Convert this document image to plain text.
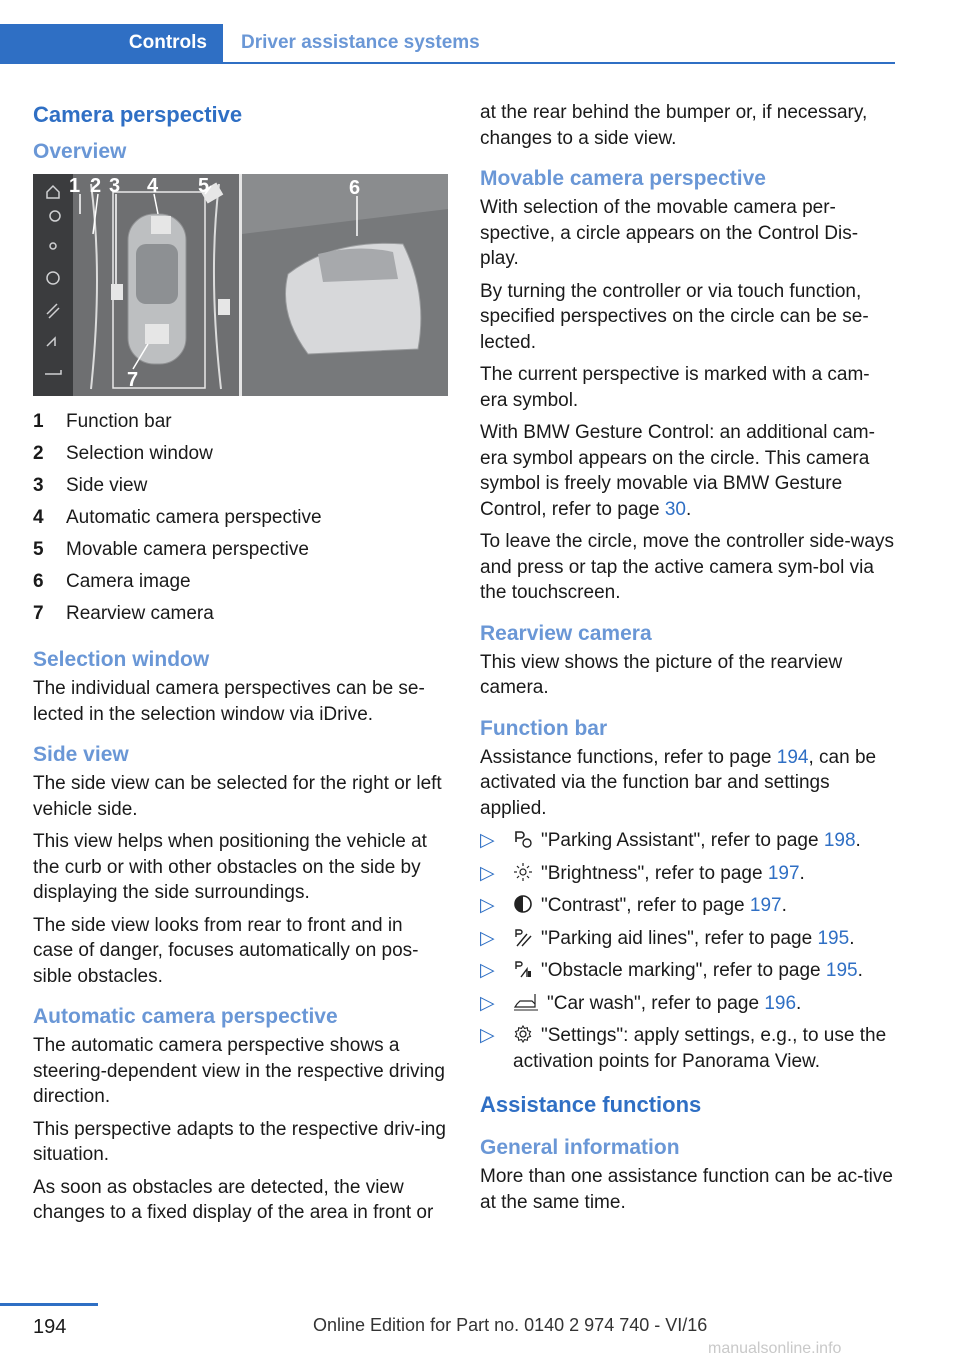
Controls	Driver assistance systems
Camera perspective
Overview
1 2 3 4 5	6
7
1	Function bar
2	Selection window
3	Side view
4	Automatic camera perspective
5	Movable camera perspective
6	Camera image
7	Rearview camera
Selection window

The individual camera perspectives can be se‐lected in the selection window via iDrive.

Side view

The side view can be selected for the right or left vehicle side.

This view helps when positioning the vehicle at the curb or with other obstacles on the side by displaying the side surroundings.

The side view looks from rear to front and in case of danger, focuses automatically on pos‐sible obstacles.

Automatic camera perspective

The automatic camera perspective shows a steering-dependent view in the respective driving direction.

This perspective adapts to the respective driv‐ing situation.

As soon as obstacles are detected, the view changes to a fixed display of the area in front or

at the rear behind the bumper or, if necessary, changes to a side view.

Movable camera perspective

With selection of the movable camera per‐spective, a circle appears on the Control Dis‐play.

By turning the controller or via touch function, specified perspectives on the circle can be se‐lected.

The current perspective is marked with a cam‐era symbol.

With BMW Gesture Control: an additional cam‐era symbol appears on the circle. This camera symbol is freely movable via BMW Gesture Control, refer to page 30.

To leave the circle, move the controller side‐ways and press or tap the active camera sym‐bol via the touchscreen.

Rearview camera

This view shows the picture of the rearview camera.

Function bar

Assistance functions, refer to page 194, can be activated via the function bar and settings applied.

▷	"Parking Assistant", refer to page 198.
▷	"Brightness", refer to page 197.
▷	"Contrast", refer to page 197.
▷	"Parking aid lines", refer to page 195.
▷	"Obstacle marking", refer to page 195.
▷	"Car wash", refer to page 196.
▷	"Settings": apply settings, e.g., to use the activation points for Panorama View.
Assistance functions
General information

More than one assistance function can be ac‐tive at the same time.

194	Online Edition for Part no. 0140 2 974 740 - VI/16
manualsonline.info
